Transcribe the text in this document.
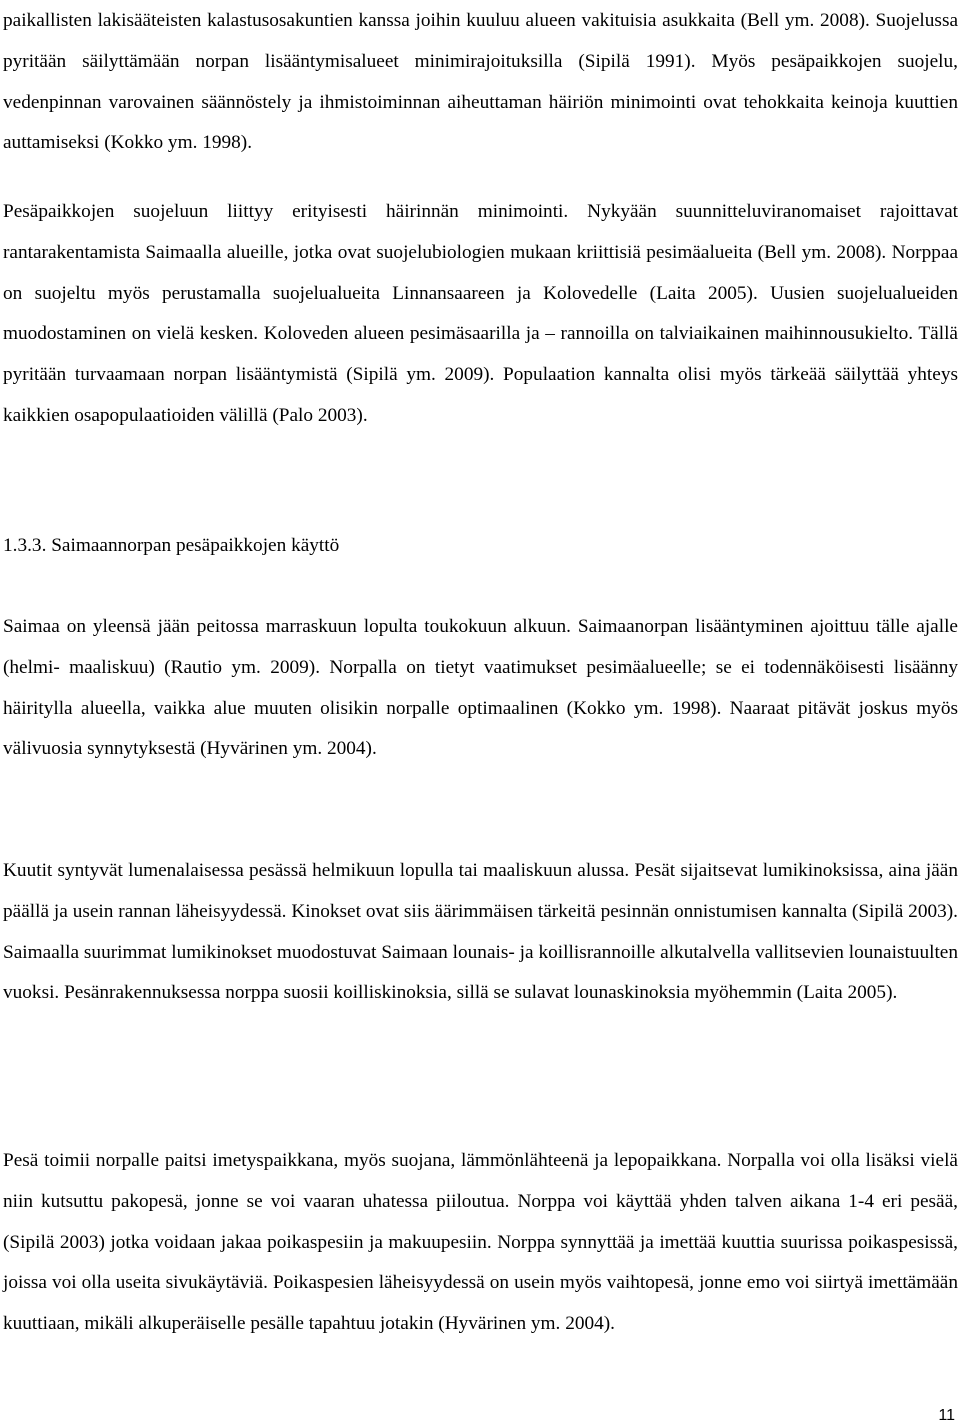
paikallisten lakisääteisten kalastusosakuntien kanssa joihin kuuluu alueen vakituisia asukkaita (Bell ym. 2008). Suojelussa pyritään säilyttämään norpan lisääntymisalueet minimirajoituksilla (Sipilä 1991). Myös pesäpaikkojen suojelu, vedenpinnan varovainen säännöstely ja ihmistoiminnan aiheuttaman häiriön minimointi ovat tehokkaita keinoja kuuttien auttamiseksi (Kokko ym. 1998).

Pesäpaikkojen suojeluun liittyy erityisesti häirinnän minimointi. Nykyään suunnitteluviranomaiset rajoittavat rantarakentamista Saimaalla alueille, jotka ovat suojelubiologien mukaan kriittisiä pesimäalueita (Bell ym. 2008). Norppaa on suojeltu myös perustamalla suojelualueita Linnansaareen ja Kolovedelle (Laita 2005). Uusien suojelualueiden muodostaminen on vielä kesken. Koloveden alueen pesimäsaarilla ja – rannoilla on talviaikainen maihinnousukielto. Tällä pyritään turvaamaan norpan lisääntymistä (Sipilä ym. 2009). Populaation kannalta olisi myös tärkeää säilyttää yhteys kaikkien osapopulaatioiden välillä (Palo 2003).

1.3.3. Saimaannorpan pesäpaikkojen käyttö

Saimaa on yleensä jään peitossa marraskuun lopulta toukokuun alkuun. Saimaanorpan lisääntyminen ajoittuu tälle ajalle (helmi- maaliskuu) (Rautio ym. 2009). Norpalla on tietyt vaatimukset pesimäalueelle; se ei todennäköisesti lisäänny häiritylla alueella, vaikka alue muuten olisikin norpalle optimaalinen (Kokko ym. 1998). Naaraat pitävät joskus myös välivuosia synnytyksestä (Hyvärinen ym. 2004).

Kuutit syntyvät lumenalaisessa pesässä helmikuun lopulla tai maaliskuun alussa. Pesät sijaitsevat lumikinoksissa, aina jään päällä ja usein rannan läheisyydessä. Kinokset ovat siis äärimmäisen tärkeitä pesinnän onnistumisen kannalta (Sipilä 2003). Saimaalla suurimmat lumikinokset muodostuvat Saimaan lounais- ja koillisrannoille alkutalvella vallitsevien lounaistuulten vuoksi. Pesänrakennuksessa norppa suosii koilliskinoksia, sillä se sulavat lounaskinoksia myöhemmin (Laita 2005).

Pesä toimii norpalle paitsi imetyspaikkana, myös suojana, lämmönlähteenä ja lepopaikkana. Norpalla voi olla lisäksi vielä niin kutsuttu pakopesä, jonne se voi vaaran uhatessa piiloutua. Norppa voi käyttää yhden talven aikana 1-4 eri pesää, (Sipilä 2003) jotka voidaan jakaa poikaspesiin ja makuupesiin. Norppa synnyttää ja imettää kuuttia suurissa poikaspesissä, joissa voi olla useita sivukäytäviä. Poikaspesien läheisyydessä on usein myös vaihtopesä, jonne emo voi siirtyä imettämään kuuttiaan, mikäli alkuperäiselle pesälle tapahtuu jotakin (Hyvärinen ym. 2004).

11
